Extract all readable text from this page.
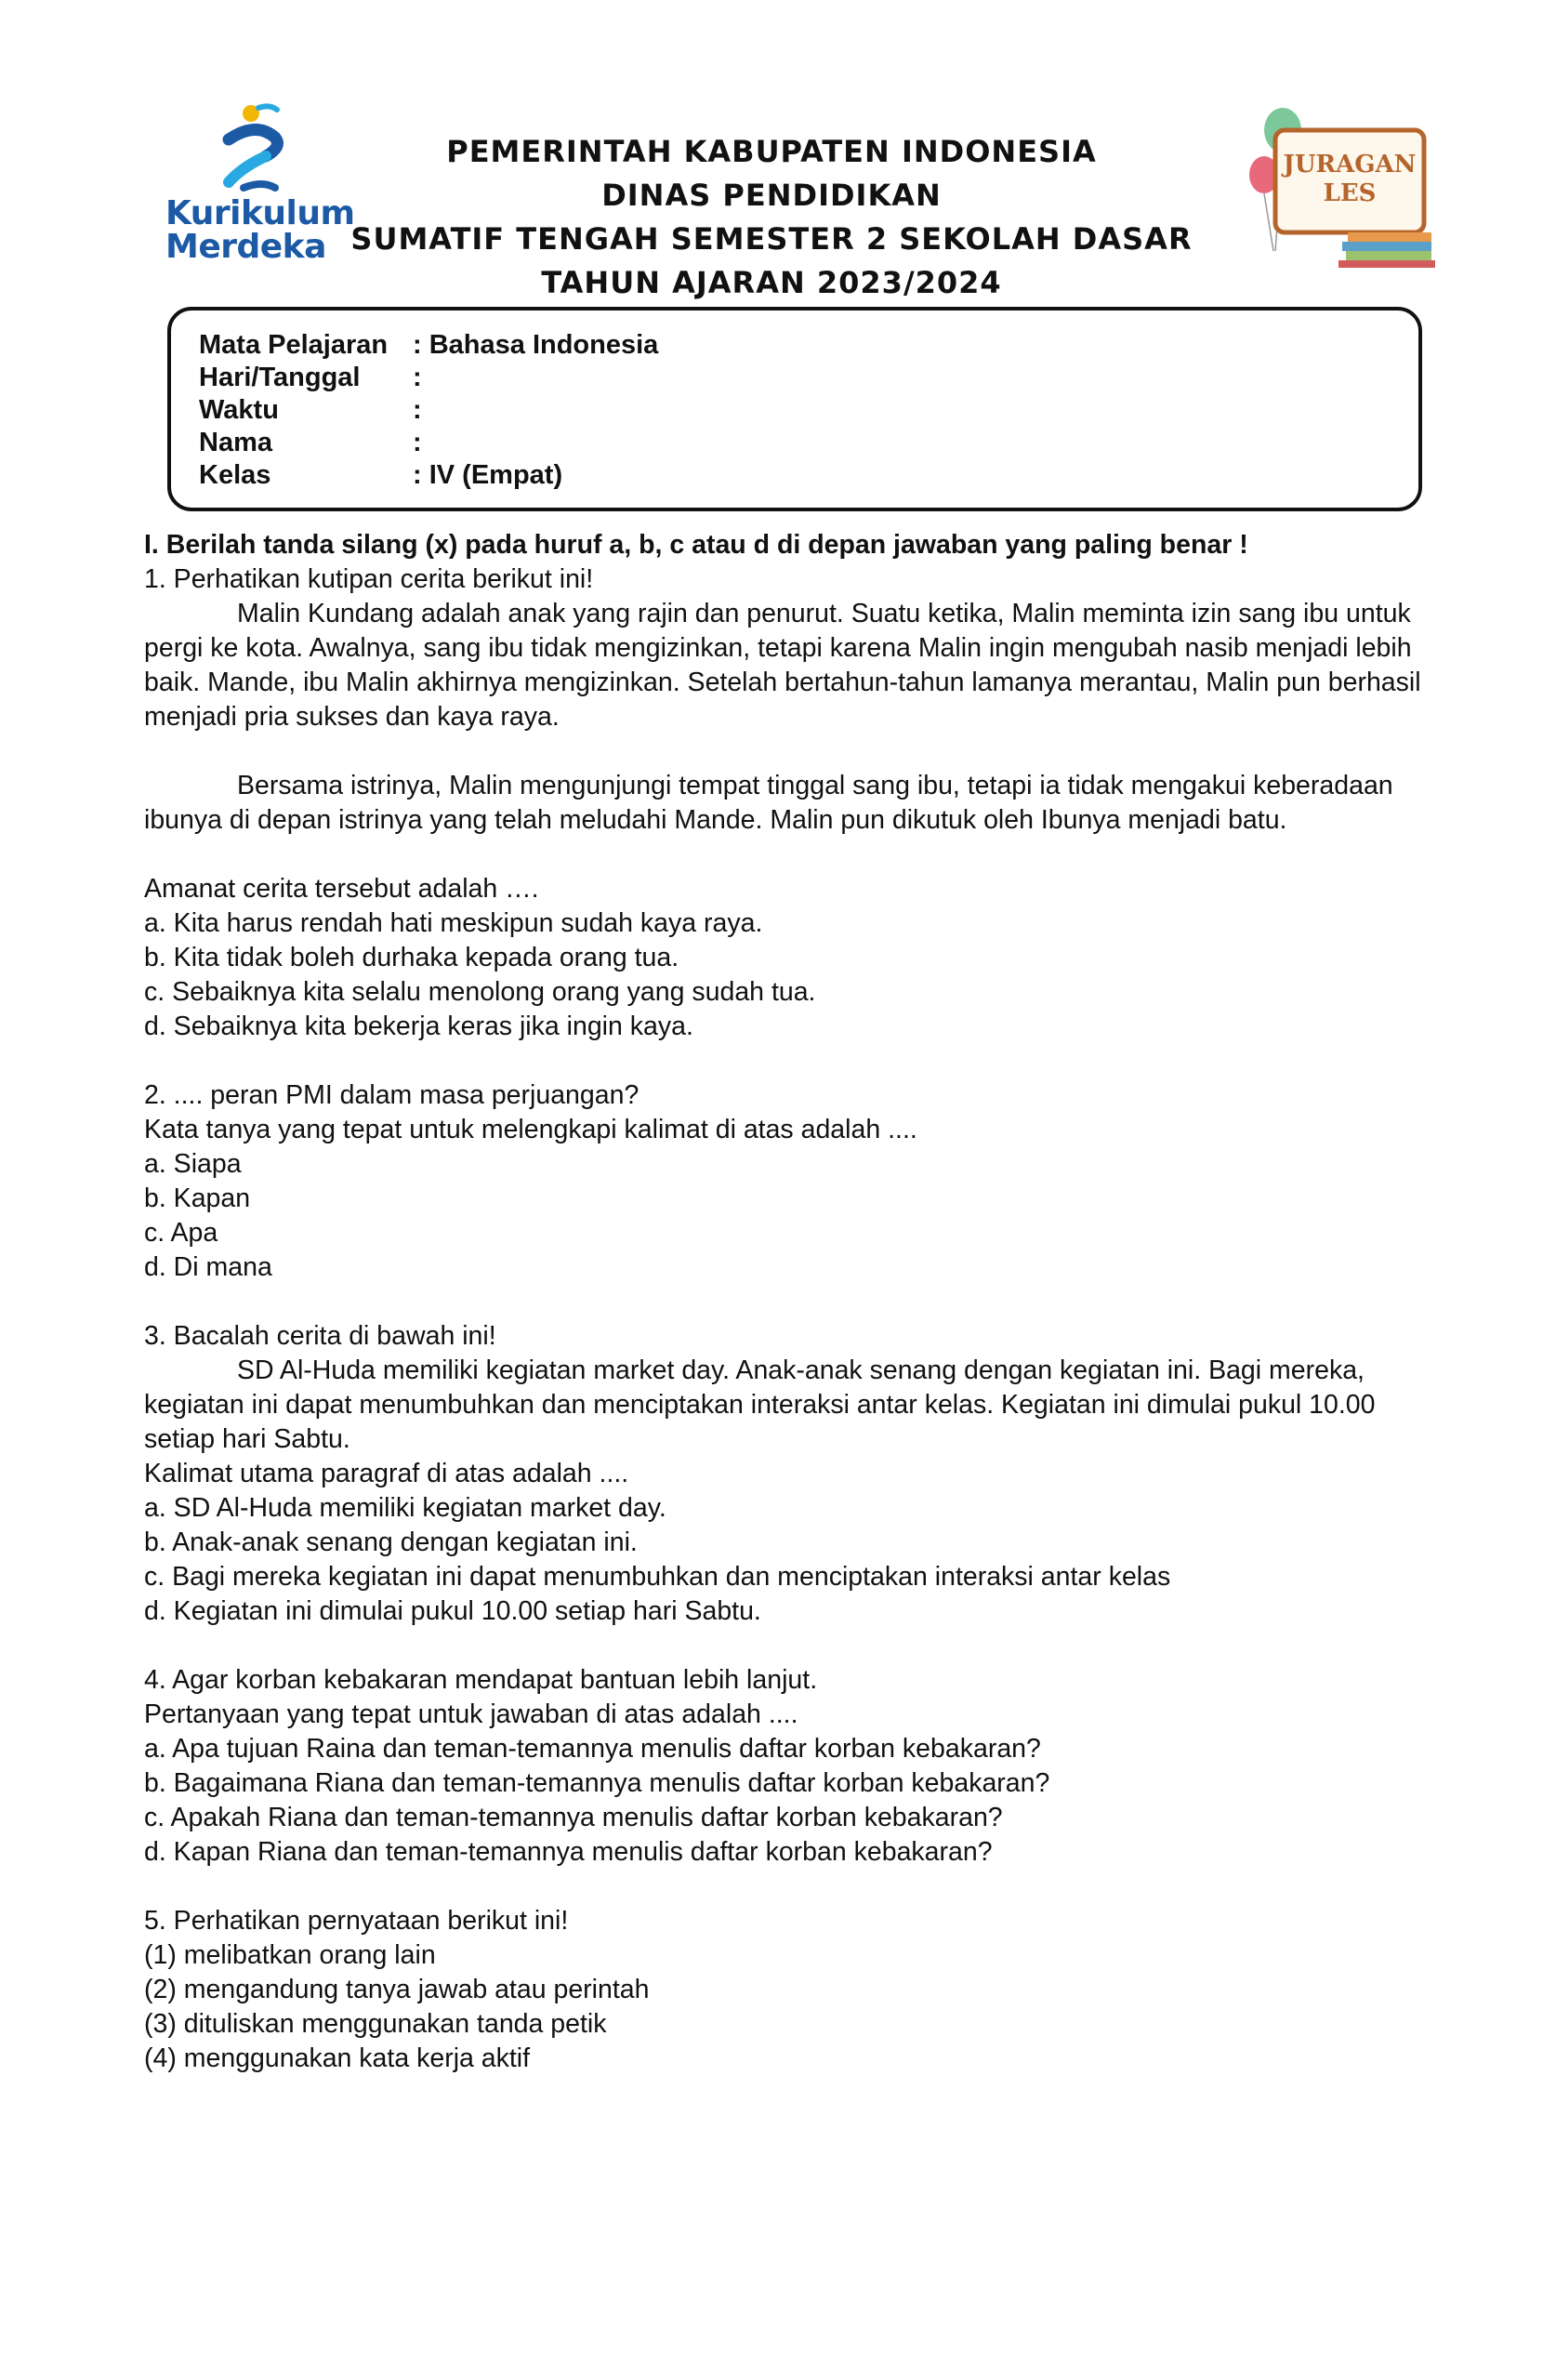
Kurikulum
Merdeka
PEMERINTAH KABUPATEN INDONESIA
DINAS PENDIDIKAN
SUMATIF TENGAH SEMESTER 2 SEKOLAH DASAR
TAHUN AJARAN 2023/2024
JURAGAN
LES
Mata Pelajaran : Bahasa Indonesia
Hari/Tanggal	:
Waktu	:
Nama	:
Kelas	: IV (Empat)

I. Berilah tanda silang (x) pada huruf a, b, c atau d di depan jawaban yang paling benar !

1. Perhatikan kutipan cerita berikut ini!

Malin Kundang adalah anak yang rajin dan penurut. Suatu ketika, Malin meminta izin sang ibu untuk pergi ke kota. Awalnya, sang ibu tidak mengizinkan, tetapi karena Malin ingin mengubah nasib menjadi lebih baik. Mande, ibu Malin akhirnya mengizinkan. Setelah bertahun-tahun lamanya merantau, Malin pun berhasil menjadi pria sukses dan kaya raya.

Bersama istrinya, Malin mengunjungi tempat tinggal sang ibu, tetapi ia tidak mengakui keberadaan ibunya di depan istrinya yang telah meludahi Mande. Malin pun dikutuk oleh Ibunya menjadi batu.

Amanat cerita tersebut adalah ….

a. Kita harus rendah hati meskipun sudah kaya raya.

b. Kita tidak boleh durhaka kepada orang tua.

c. Sebaiknya kita selalu menolong orang yang sudah tua.

d. Sebaiknya kita bekerja keras jika ingin kaya.

2. .... peran PMI dalam masa perjuangan?

Kata tanya yang tepat untuk melengkapi kalimat di atas adalah ....

a. Siapa

b. Kapan

c. Apa

d. Di mana

3. Bacalah cerita di bawah ini!

SD Al-Huda memiliki kegiatan market day. Anak-anak senang dengan kegiatan ini. Bagi mereka, kegiatan ini dapat menumbuhkan dan menciptakan interaksi antar kelas. Kegiatan ini dimulai pukul 10.00 setiap hari Sabtu.

Kalimat utama paragraf di atas adalah ....

a. SD Al-Huda memiliki kegiatan market day.

b. Anak-anak senang dengan kegiatan ini.

c. Bagi mereka kegiatan ini dapat menumbuhkan dan menciptakan interaksi antar kelas

d. Kegiatan ini dimulai pukul 10.00 setiap hari Sabtu.

4. Agar korban kebakaran mendapat bantuan lebih lanjut.

Pertanyaan yang tepat untuk jawaban di atas adalah ....

a. Apa tujuan Raina dan teman-temannya menulis daftar korban kebakaran?

b. Bagaimana Riana dan teman-temannya menulis daftar korban kebakaran?

c. Apakah Riana dan teman-temannya menulis daftar korban kebakaran?

d. Kapan Riana dan teman-temannya menulis daftar korban kebakaran?

5. Perhatikan pernyataan berikut ini!

(1) melibatkan orang lain

(2) mengandung tanya jawab atau perintah

(3) dituliskan menggunakan tanda petik

(4) menggunakan kata kerja aktif
